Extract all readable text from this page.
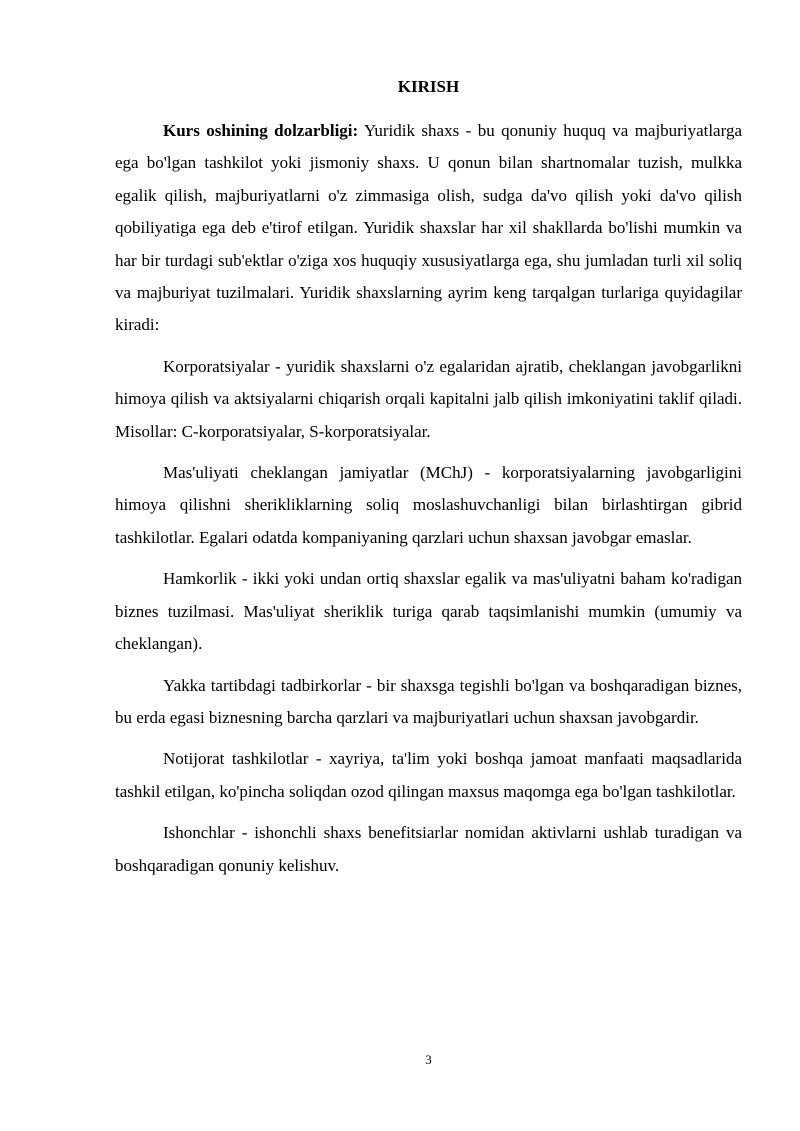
KIRISH

Kurs oshining dolzarbligi: Yuridik shaxs - bu qonuniy huquq va majburiyatlarga ega bo'lgan tashkilot yoki jismoniy shaxs. U qonun bilan shartnomalar tuzish, mulkka egalik qilish, majburiyatlarni o'z zimmasiga olish, sudga da'vo qilish yoki da'vo qilish qobiliyatiga ega deb e'tirof etilgan. Yuridik shaxslar har xil shakllarda bo'lishi mumkin va har bir turdagi sub'ektlar o'ziga xos huquqiy xususiyatlarga ega, shu jumladan turli xil soliq va majburiyat tuzilmalari. Yuridik shaxslarning ayrim keng tarqalgan turlariga quyidagilar kiradi:

Korporatsiyalar - yuridik shaxslarni o'z egalaridan ajratib, cheklangan javobgarlikni himoya qilish va aktsiyalarni chiqarish orqali kapitalni jalb qilish imkoniyatini taklif qiladi. Misollar: C-korporatsiyalar, S-korporatsiyalar.

Mas'uliyati cheklangan jamiyatlar (MChJ) - korporatsiyalarning javobgarligini himoya qilishni sherikliklarning soliq moslashuvchanligi bilan birlashtirgan gibrid tashkilotlar. Egalari odatda kompaniyaning qarzlari uchun shaxsan javobgar emaslar.

Hamkorlik - ikki yoki undan ortiq shaxslar egalik va mas'uliyatni baham ko'radigan biznes tuzilmasi. Mas'uliyat sheriklik turiga qarab taqsimlanishi mumkin (umumiy va cheklangan).

Yakka tartibdagi tadbirkorlar - bir shaxsga tegishli bo'lgan va boshqaradigan biznes, bu erda egasi biznesning barcha qarzlari va majburiyatlari uchun shaxsan javobgardir.

Notijorat tashkilotlar - xayriya, ta'lim yoki boshqa jamoat manfaati maqsadlarida tashkil etilgan, ko'pincha soliqdan ozod qilingan maxsus maqomga ega bo'lgan tashkilotlar.

Ishonchlar - ishonchli shaxs benefitsiarlar nomidan aktivlarni ushlab turadigan va boshqaradigan qonuniy kelishuv.

3
